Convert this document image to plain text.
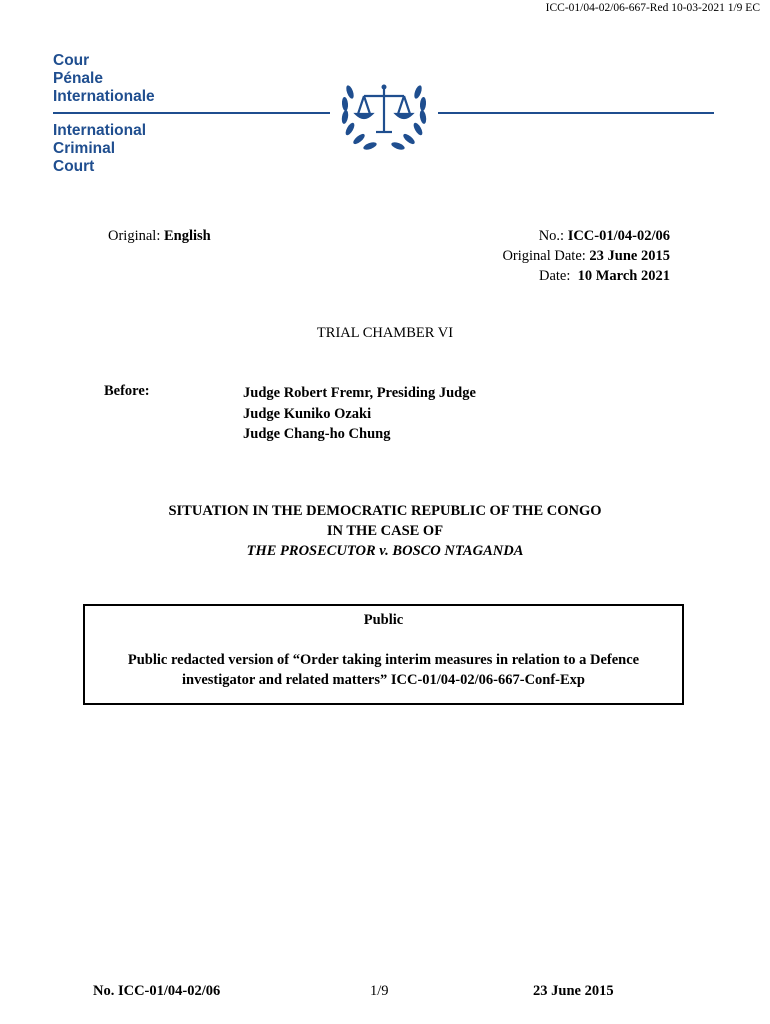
ICC-01/04-02/06-667-Red 10-03-2021 1/9 EC
Cour
Pénale
Internationale
International
Criminal
Court
Original: English	No.: ICC-01/04-02/06
Original Date: 23 June 2015
Date: 10 March 2021
TRIAL CHAMBER VI
Before:	Judge Robert Fremr, Presiding Judge
Judge Kuniko Ozaki
Judge Chang-ho Chung
SITUATION IN THE DEMOCRATIC REPUBLIC OF THE CONGO
IN THE CASE OF
THE PROSECUTOR v. BOSCO NTAGANDA
Public
Public redacted version of “Order taking interim measures in relation to a Defence investigator and related matters” ICC-01/04-02/06-667-Conf-Exp
No. ICC-01/04-02/06	1/9	23 June 2015
